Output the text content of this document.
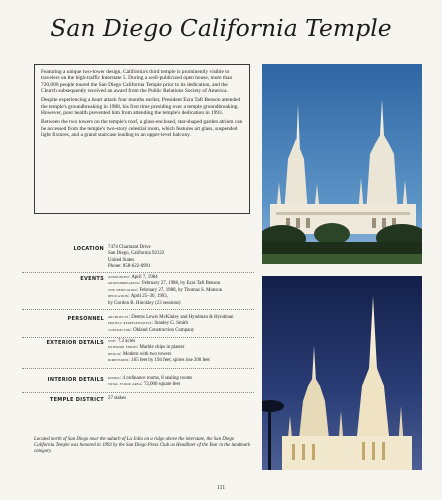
San Diego California Temple

Featuring a unique two-tower design, California's third temple is prominently visible to travelers on the high-traffic Interstate 5. During a well-publicized open house, more than 720,000 people toured the San Diego California Temple prior to its dedication, and the Church subsequently received an award from the Public Relations Society of America.

Despite experiencing a heart attack four months earlier, President Ezra Taft Benson attended the temple's groundbreaking in 1988, his first time presiding over a temple groundbreaking. However, poor health prevented him from attending the temple's dedication in 1993.

Between the two towers on the temple's roof, a glass-enclosed, star-shaped garden atrium can be accessed from the temple's two-story celestial room, which features art glass, suspended light fixtures, and a grand staircase leading to an upper-level balcony.

LOCATION 7474 Charmant Drive
San Diego, California 92122
United States
Phone: 858-622-0991
EVENTS announced: April 7, 1984
groundbreaking: February 27, 1988, by Ezra Taft Benson
site dedication: February 27, 1988, by Thomas S. Monson
dedication: April 25–30, 1993,
by Gordon B. Hinckley (23 sessions)
PERSONNEL architects: Deems Lewis McKinley and Hyndman & Hyndman
project representative: Stanley G. Smith
contractor: Okland Construction Company
EXTERIOR DETAILS site: 7.2 acres
exterior finish: Marble chips in plaster
design: Modern with two towers
dimensions: 165 feet by 194 feet; spires rise 200 feet
INTERIOR DETAILS rooms: 4 ordinance rooms, 8 sealing rooms
total floor area: 72,000 square feet
TEMPLE DISTRICT 27 stakes
Located north of San Diego near the suburb of La Jolla on a ridge above the interstate, the San Diego California Temple was honored in 1993 by the San Diego Press Club as Headliner of the Year in the landmark category.
111
